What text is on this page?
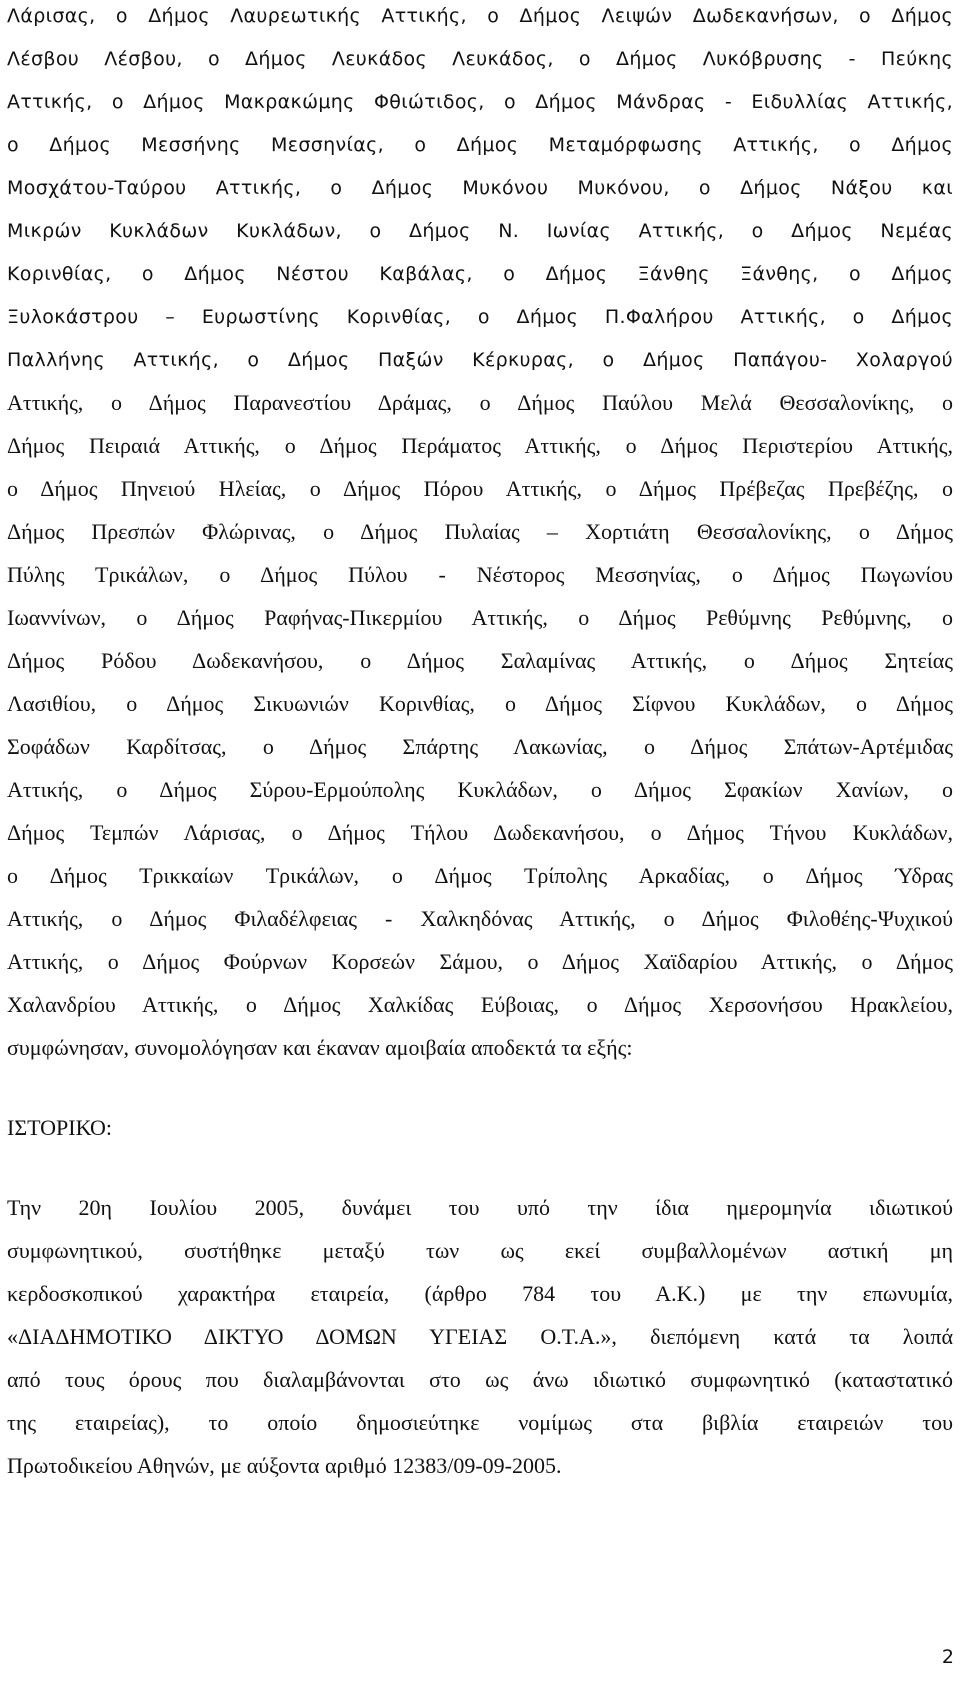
Λάρισας, ο Δήμος Λαυρεωτικής Αττικής, ο Δήμος Λειψών Δωδεκανήσων, ο Δήμος
Λέσβου Λέσβου, ο Δήμος Λευκάδος Λευκάδος, ο Δήμος Λυκόβρυσης - Πεύκης
Αττικής, ο Δήμος Μακρακώμης Φθιώτιδος, ο Δήμος Μάνδρας - Ειδυλλίας Αττικής,
ο Δήμος Μεσσήνης Μεσσηνίας, ο Δήμος Μεταμόρφωσης Αττικής, ο Δήμος
Μοσχάτου-Ταύρου Αττικής, ο Δήμος Μυκόνου Μυκόνου, ο Δήμος Νάξου και
Μικρών Κυκλάδων Κυκλάδων, ο Δήμος Ν. Ιωνίας Αττικής, ο Δήμος Νεμέας
Κορινθίας, ο Δήμος Νέστου Καβάλας, ο Δήμος Ξάνθης Ξάνθης, ο Δήμος
Ξυλοκάστρου – Ευρωστίνης Κορινθίας, ο Δήμος Π.Φαλήρου Αττικής, ο Δήμος
Παλλήνης Αττικής, ο Δήμος Παξών Κέρκυρας, ο Δήμος Παπάγου- Χολαργού
Αττικής, ο Δήμος Παρανεστίου Δράμας, ο Δήμος Παύλου Μελά Θεσσαλονίκης, ο
Δήμος Πειραιά Αττικής, ο Δήμος Περάματος Αττικής, ο Δήμος Περιστερίου Αττικής,
ο Δήμος Πηνειού Ηλείας, ο Δήμος Πόρου Αττικής, ο Δήμος Πρέβεζας Πρεβέζης, ο
Δήμος Πρεσπών Φλώρινας, ο Δήμος Πυλαίας – Χορτιάτη Θεσσαλονίκης, ο Δήμος
Πύλης Τρικάλων, ο Δήμος Πύλου - Νέστορος Μεσσηνίας, ο Δήμος Πωγωνίου
Ιωαννίνων, ο Δήμος Ραφήνας-Πικερμίου Αττικής, ο Δήμος Ρεθύμνης Ρεθύμνης, ο
Δήμος Ρόδου Δωδεκανήσου, ο Δήμος Σαλαμίνας Αττικής, ο Δήμος Σητείας
Λασιθίου, ο Δήμος Σικυωνιών Κορινθίας, ο Δήμος Σίφνου Κυκλάδων, ο Δήμος
Σοφάδων Καρδίτσας, ο Δήμος Σπάρτης Λακωνίας, ο Δήμος Σπάτων-Αρτέμιδας
Αττικής, ο Δήμος Σύρου-Ερμούπολης Κυκλάδων, ο Δήμος Σφακίων Χανίων, ο
Δήμος Τεμπών Λάρισας, ο Δήμος Τήλου Δωδεκανήσου, ο Δήμος Τήνου Κυκλάδων,
ο Δήμος Τρικκαίων Τρικάλων, ο Δήμος Τρίπολης Αρκαδίας, ο Δήμος Ύδρας
Αττικής, ο Δήμος Φιλαδέλφειας - Χαλκηδόνας Αττικής, ο Δήμος Φιλοθέης-Ψυχικού
Αττικής, ο Δήμος Φούρνων Κορσεών Σάμου, ο Δήμος Χαϊδαρίου Αττικής, ο Δήμος
Χαλανδρίου Αττικής, ο Δήμος Χαλκίδας Εύβοιας, ο Δήμος Χερσονήσου Ηρακλείου,
συμφώνησαν, συνομολόγησαν και έκαναν αμοιβαία αποδεκτά τα εξής:
ΙΣΤΟΡΙΚΟ:
Την 20η Ιουλίου 2005, δυνάμει του υπό την ίδια ημερομηνία ιδιωτικού
συμφωνητικού, συστήθηκε μεταξύ των ως εκεί συμβαλλομένων αστική μη
κερδοσκοπικού χαρακτήρα εταιρεία, (άρθρο 784 του Α.Κ.) με την επωνυμία,
«ΔΙΑΔΗΜΟΤΙΚΟ ΔΙΚΤΥΟ ΔΟΜΩΝ ΥΓΕΙΑΣ Ο.Τ.Α.», διεπόμενη κατά τα λοιπά
από τους όρους που διαλαμβάνονται στο ως άνω ιδιωτικό συμφωνητικό (καταστατικό
της εταιρείας), το οποίο δημοσιεύτηκε νομίμως στα βιβλία εταιρειών του
Πρωτοδικείου Αθηνών, με αύξοντα αριθμό 12383/09-09-2005.
2
